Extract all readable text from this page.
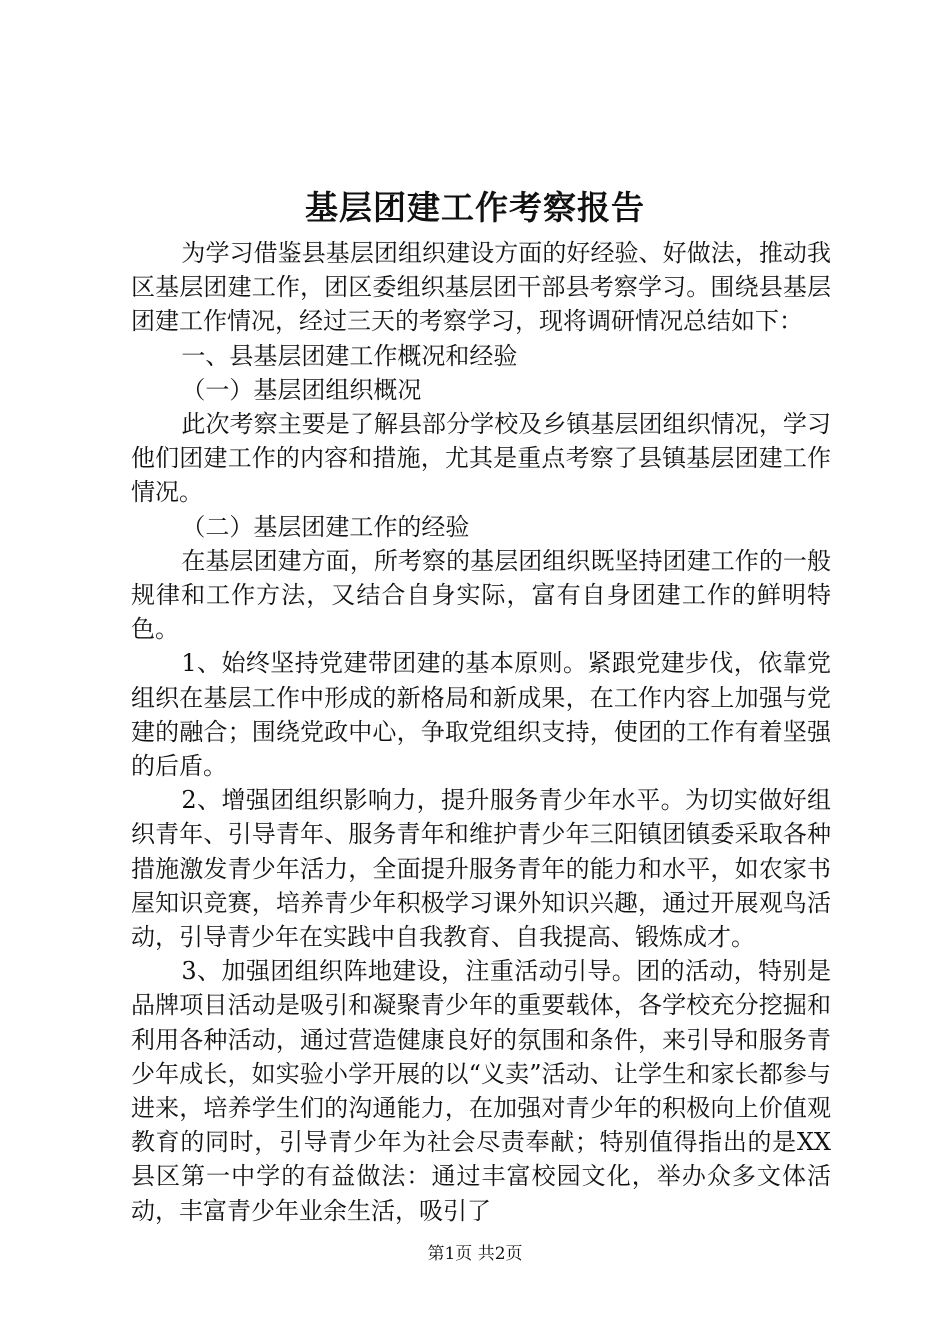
基层团建工作考察报告

为学习借鉴县基层团组织建设方面的好经验、好做法，推动我区基层团建工作，团区委组织基层团干部县考察学习。围绕县基层团建工作情况，经过三天的考察学习，现将调研情况总结如下：

一、县基层团建工作概况和经验

（一）基层团组织概况

此次考察主要是了解县部分学校及乡镇基层团组织情况，学习他们团建工作的内容和措施，尤其是重点考察了县镇基层团建工作情况。

（二）基层团建工作的经验

在基层团建方面，所考察的基层团组织既坚持团建工作的一般规律和工作方法，又结合自身实际，富有自身团建工作的鲜明特色。

1、始终坚持党建带团建的基本原则。紧跟党建步伐，依靠党组织在基层工作中形成的新格局和新成果，在工作内容上加强与党建的融合；围绕党政中心，争取党组织支持，使团的工作有着坚强的后盾。

2、增强团组织影响力，提升服务青少年水平。为切实做好组织青年、引导青年、服务青年和维护青少年三阳镇团镇委采取各种措施激发青少年活力，全面提升服务青年的能力和水平，如农家书屋知识竞赛，培养青少年积极学习课外知识兴趣，通过开展观鸟活动，引导青少年在实践中自我教育、自我提高、锻炼成才。

3、加强团组织阵地建设，注重活动引导。团的活动，特别是品牌项目活动是吸引和凝聚青少年的重要载体，各学校充分挖掘和利用各种活动，通过营造健康良好的氛围和条件，来引导和服务青少年成长，如实验小学开展的以“义卖”活动、让学生和家长都参与进来，培养学生们的沟通能力，在加强对青少年的积极向上价值观教育的同时，引导青少年为社会尽责奉献；特别值得指出的是XX县区第一中学的有益做法：通过丰富校园文化，举办众多文体活动，丰富青少年业余生活，吸引了

第1页 共2页
